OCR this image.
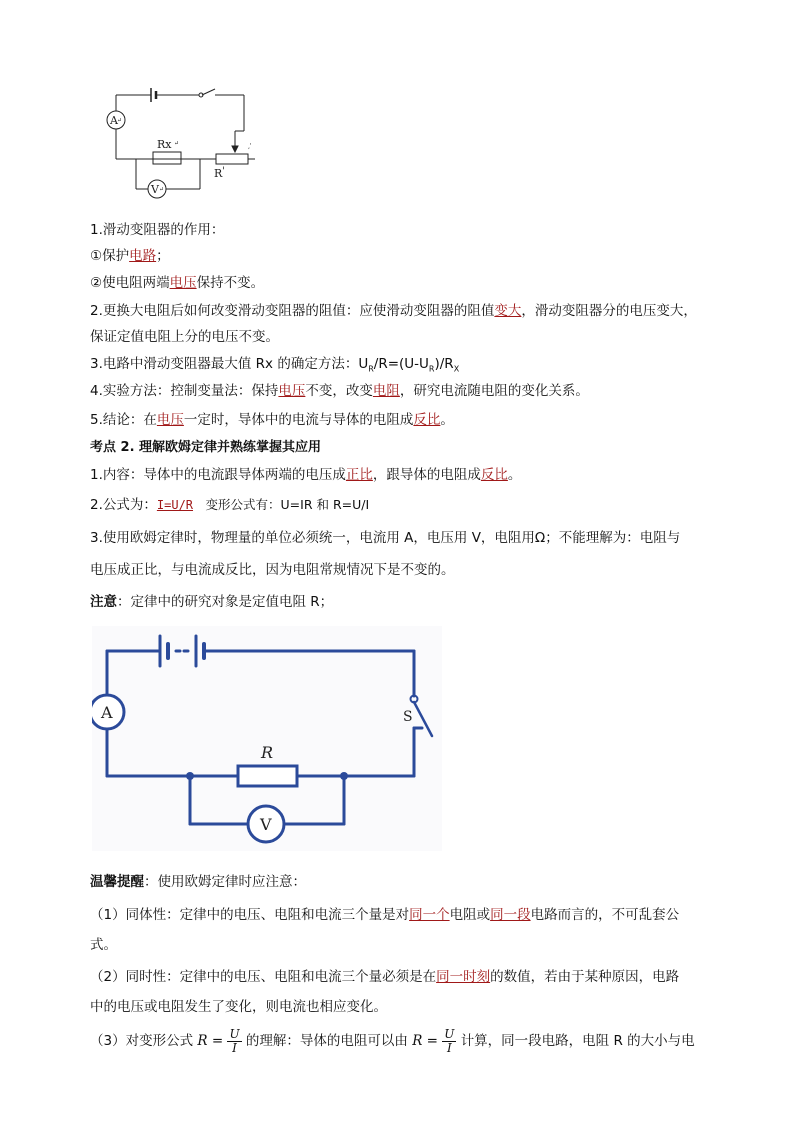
A ↵
Rx ↵
R '
‚'
V ↵
1.滑动变阻器的作用：
①保护电路；
②使电阻两端电压保持不变。
2.更换大电阻后如何改变滑动变阻器的阻值：应使滑动变阻器的阻值变大，滑动变阻器分的电压变大，
保证定值电阻上分的电压不变。
3.电路中滑动变阻器最大值 Rx 的确定方法：$U_R/R=(U-U_R)/R_X$
4.实验方法：控制变量法：保持电压不变，改变电阻，研究电流随电阻的变化关系。
5.结论：在电压一定时，导体中的电流与导体的电阻成反比。
考点 2. 理解欧姆定律并熟练掌握其应用
1.内容：导体中的电流跟导体两端的电压成正比，跟导体的电阻成反比。
2.公式为：I=U/R　变形公式有：U=IR 和 R=U/I
3.使用欧姆定律时，物理量的单位必须统一，电流用 A，电压用 V，电阻用Ω；不能理解为：电阻与
电压成正比，与电流成反比，因为电阻常规情况下是不变的。
注意：定律中的研究对象是定值电阻 R；
A
R
V
S
温馨提醒：使用欧姆定律时应注意：
（1）同体性：定律中的电压、电阻和电流三个量是对同一个电阻或同一段电路而言的，不可乱套公
式。
（2）同时性：定律中的电压、电阻和电流三个量必须是在同一时刻的数值，若由于某种原因，电路
中的电压或电阻发生了变化，则电流也相应变化。
（3）对变形公式 $R = \frac{U}{I}$ 的理解：导体的电阻可以由 $R = \frac{U}{I}$ 计算，同一段电路，电阻 R 的大小与电
